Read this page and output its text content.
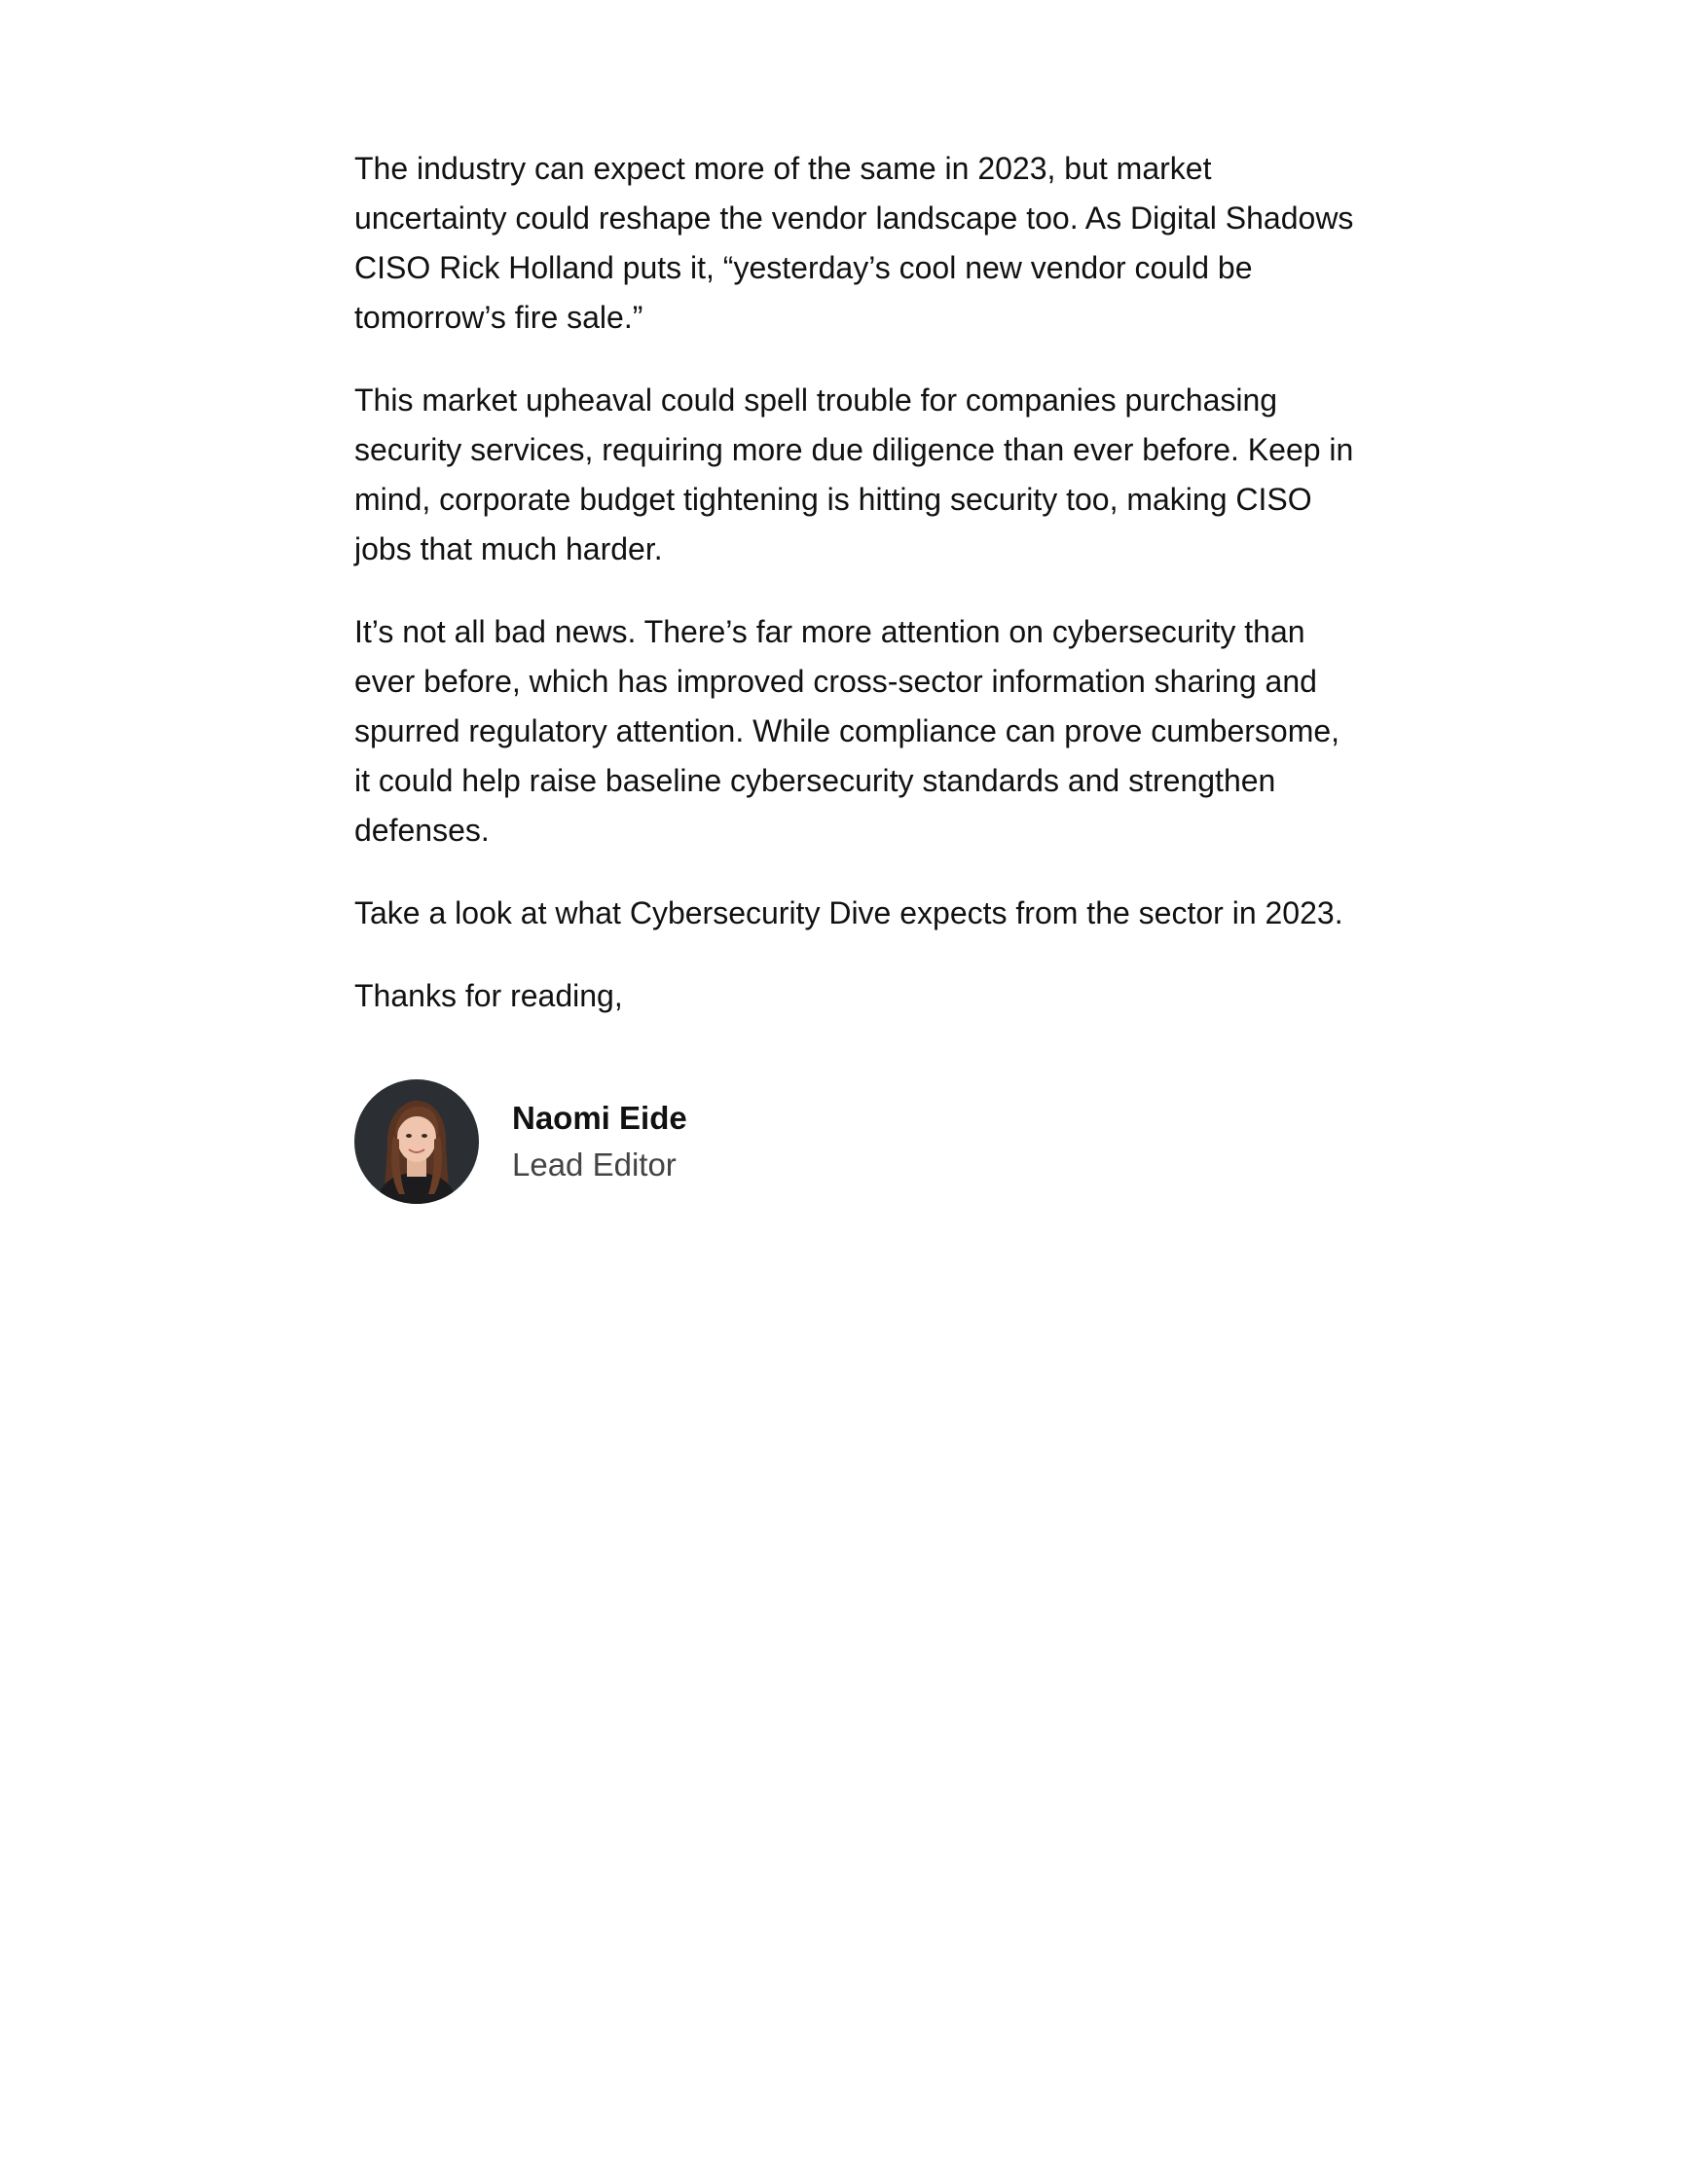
The industry can expect more of the same in 2023, but market uncertainty could reshape the vendor landscape too. As Digital Shadows CISO Rick Holland puts it, “yesterday’s cool new vendor could be tomorrow’s fire sale.”

This market upheaval could spell trouble for companies purchasing security services, requiring more due diligence than ever before. Keep in mind, corporate budget tightening is hitting security too, making CISO jobs that much harder.

It’s not all bad news. There’s far more attention on cybersecurity than ever before, which has improved cross-sector information sharing and spurred regulatory attention. While compliance can prove cumbersome, it could help raise baseline cybersecurity standards and strengthen defenses.

Take a look at what Cybersecurity Dive expects from the sector in 2023.

Thanks for reading,

Naomi Eide
Lead Editor
